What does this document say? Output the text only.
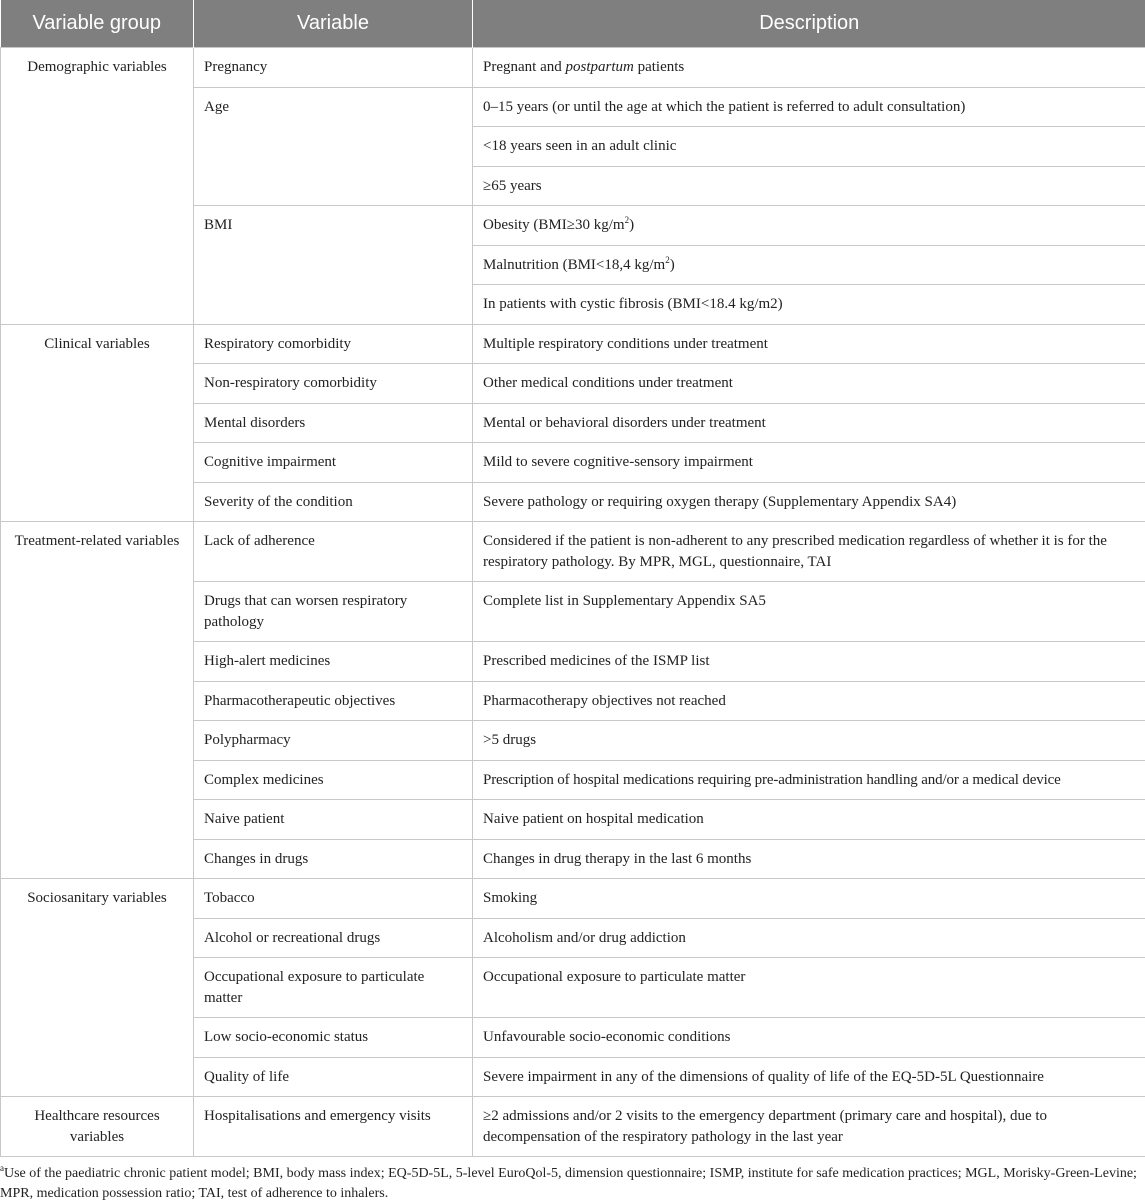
Variable group	Variable	Description
Demographic variables	Pregnancy	Pregnant and postpartum patients
	Age	0–15 years (or until the age at which the patient is referred to adult consultation)
		<18 years seen in an adult clinic
		≥65 years
	BMI	Obesity (BMI≥30 $kg/m^2$)
		Malnutrition (BMI<18,4 $kg/m^2$)
		In patients with cystic fibrosis (BMI<18.4 kg/m2)
Clinical variables	Respiratory comorbidity	Multiple respiratory conditions under treatment
	Non-respiratory comorbidity	Other medical conditions under treatment
	Mental disorders	Mental or behavioral disorders under treatment
	Cognitive impairment	Mild to severe cognitive-sensory impairment
	Severity of the condition	Severe pathology or requiring oxygen therapy (Supplementary Appendix SA4)
Treatment-related variables	Lack of adherence	Considered if the patient is non-adherent to any prescribed medication regardless of whether it is for the respiratory pathology. By MPR, MGL, questionnaire, TAI
	Drugs that can worsen respiratory pathology	Complete list in Supplementary Appendix SA5
	High-alert medicines	Prescribed medicines of the ISMP list
	Pharmacotherapeutic objectives	Pharmacotherapy objectives not reached
	Polypharmacy	>5 drugs
	Complex medicines	Prescription of hospital medications requiring pre-administration handling and/or a medical device
	Naive patient	Naive patient on hospital medication
	Changes in drugs	Changes in drug therapy in the last 6 months
Sociosanitary variables	Tobacco	Smoking
	Alcohol or recreational drugs	Alcoholism and/or drug addiction
	Occupational exposure to particulate matter	Occupational exposure to particulate matter
	Low socio-economic status	Unfavourable socio-economic conditions
	Quality of life	Severe impairment in any of the dimensions of quality of life of the EQ-5D-5L Questionnaire
Healthcare resources variables	Hospitalisations and emergency visits	≥2 admissions and/or 2 visits to the emergency department (primary care and hospital), due to decompensation of the respiratory pathology in the last year
$^a$Use of the paediatric chronic patient model; BMI, body mass index; EQ-5D-5L, 5-level EuroQol-5, dimension questionnaire; ISMP, institute for safe medication practices; MGL, Morisky-Green-Levine; MPR, medication possession ratio; TAI, test of adherence to inhalers.
